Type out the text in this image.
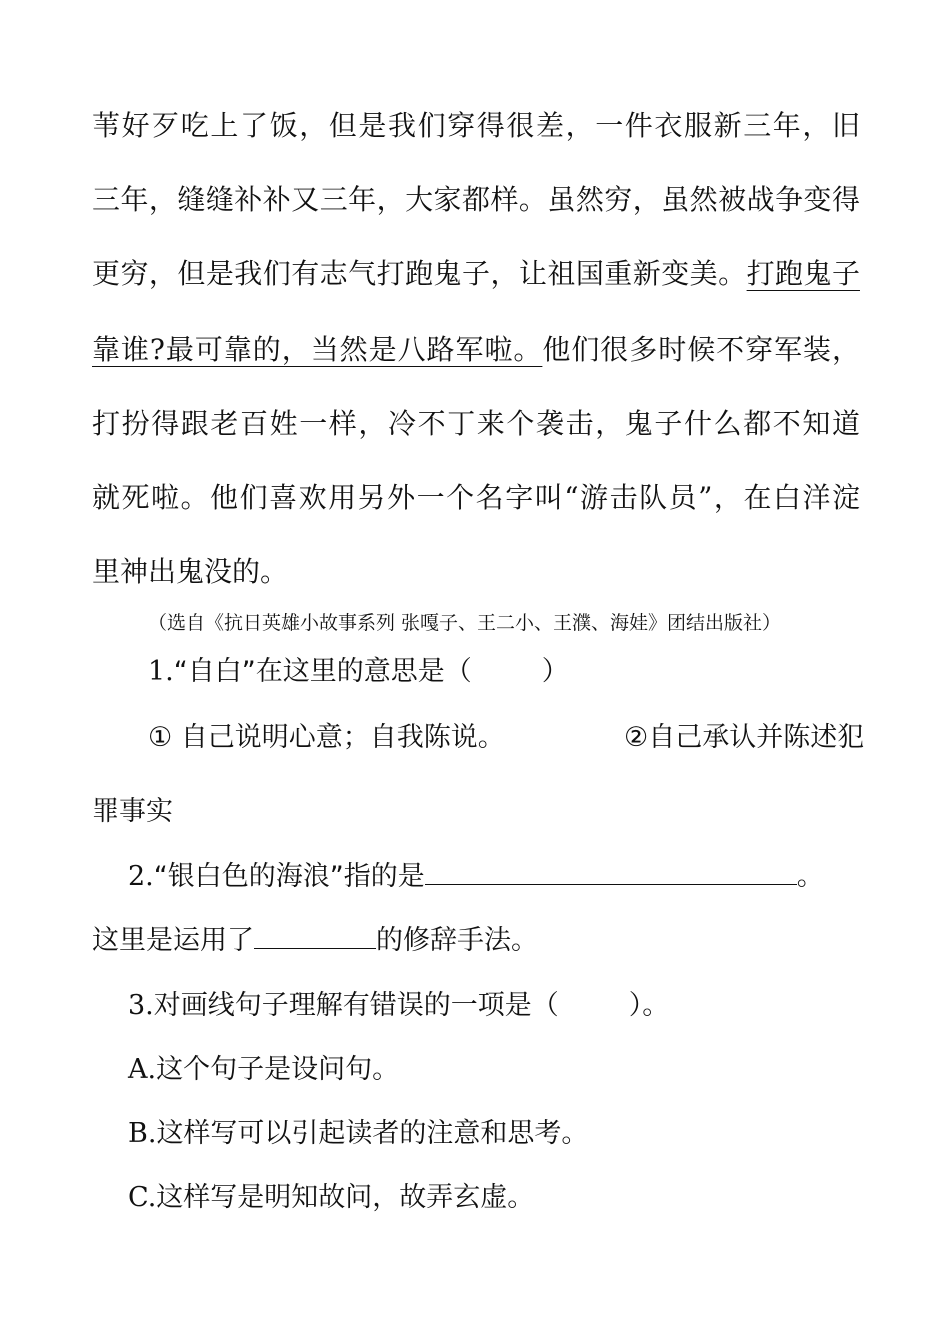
苇好歹吃上了饭，但是我们穿得很差，一件衣服新三年，旧
三年，缝缝补补又三年，大家都样。虽然穷，虽然被战争变得
更穷，但是我们有志气打跑鬼子，让祖国重新变美。打跑鬼子
靠谁?最可靠的，当然是八路军啦。他们很多时候不穿军装，
打扮得跟老百姓一样，冷不丁来个袭击，鬼子什么都不知道
就死啦。他们喜欢用另外一个名字叫“游击队员”，在白洋淀
里神出鬼没的。
（选自《抗日英雄小故事系列 张嘎子、王二小、王濮、海娃》团结出版社）
1.“自白”在这里的意思是（	）
① 自己说明心意；自我陈说。	②自己承认并陈述犯
罪事实
2.“银白色的海浪”指的是	。
这里是运用了	的修辞手法。
3.对画线句子理解有错误的一项是（	）。
A.这个句子是设问句。
B.这样写可以引起读者的注意和思考。
C.这样写是明知故问，故弄玄虚。
